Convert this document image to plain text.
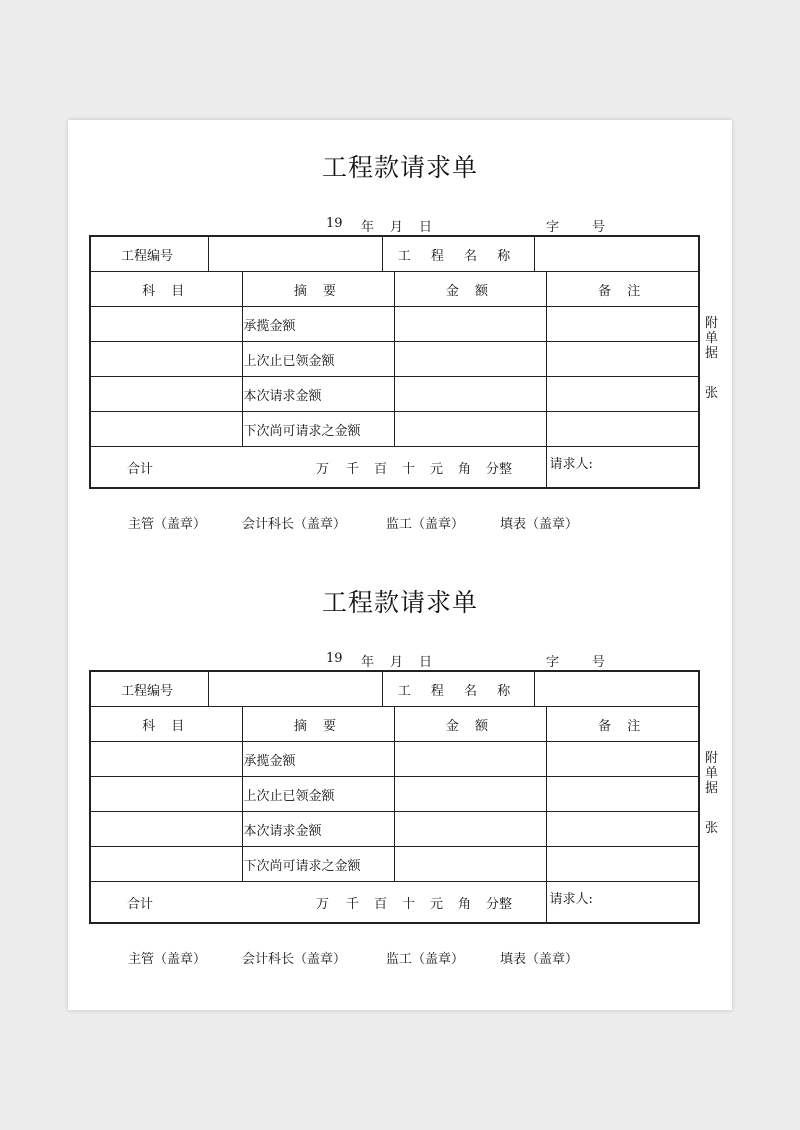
工程款请求单
19 年 月 日	字	号
工程编号			工 程 名 称			
科 目		摘 要		金 额		备 注
		承揽金额				
		上次止已领金额				
		本次请求金额				
		下次尚可请求之金额				
合计 万 千 百 十 元 角 分整						请求人:
附单据
张
主管（盖章）	会计科长（盖章）	监工（盖章）	填表（盖章）
工程款请求单
19 年 月 日	字	号
工程编号			工 程 名 称			
科 目		摘 要		金 额		备 注
		承揽金额				
		上次止已领金额				
		本次请求金额				
		下次尚可请求之金额				
合计 万 千 百 十 元 角 分整						请求人:
附单据
张
主管（盖章）	会计科长（盖章）	监工（盖章）	填表（盖章）
